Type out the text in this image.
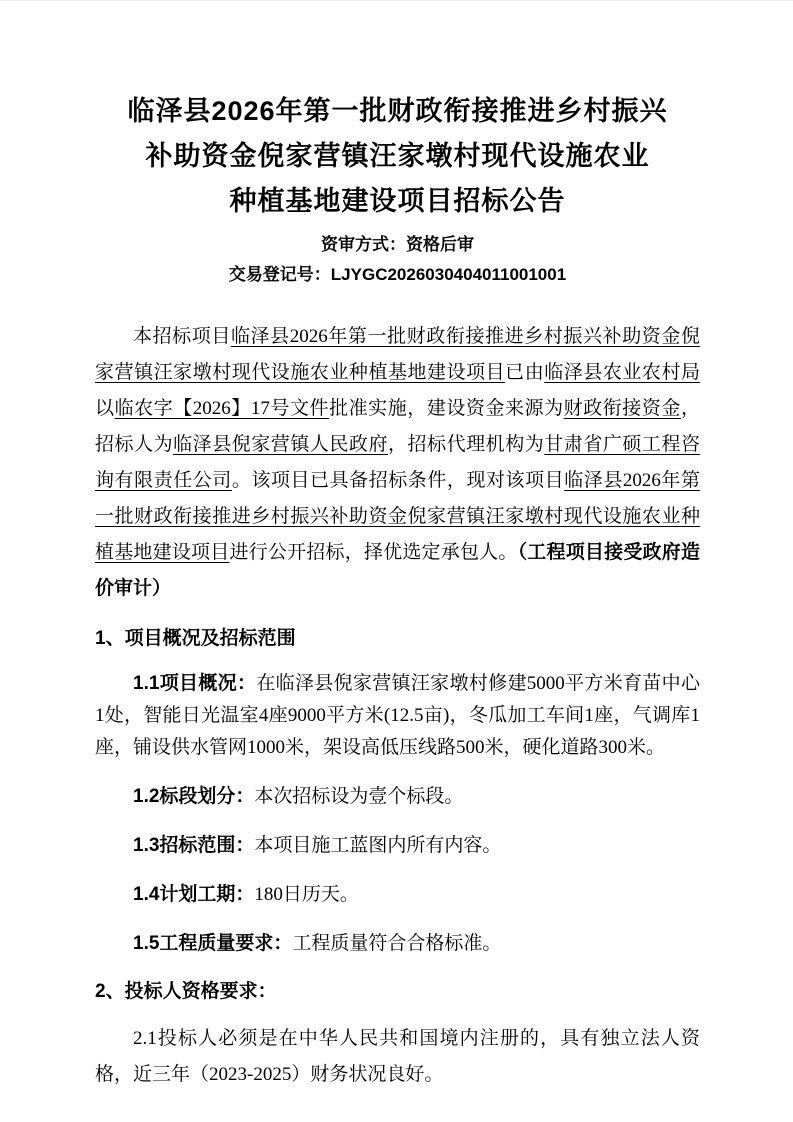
临泽县2026年第一批财政衔接推进乡村振兴
补助资金倪家营镇汪家墩村现代设施农业
种植基地建设项目招标公告
资审方式：资格后审
交易登记号：LJYGC2026030404011001001

本招标项目临泽县2026年第一批财政衔接推进乡村振兴补助资金倪家营镇汪家墩村现代设施农业种植基地建设项目已由临泽县农业农村局以临农字【2026】17号文件批准实施，建设资金来源为财政衔接资金，招标人为临泽县倪家营镇人民政府，招标代理机构为甘肃省广硕工程咨询有限责任公司。该项目已具备招标条件，现对该项目临泽县2026年第一批财政衔接推进乡村振兴补助资金倪家营镇汪家墩村现代设施农业种植基地建设项目进行公开招标，择优选定承包人。（工程项目接受政府造价审计）

1、项目概况及招标范围

1.1项目概况：在临泽县倪家营镇汪家墩村修建5000平方米育苗中心1处，智能日光温室4座9000平方米(12.5亩)，冬瓜加工车间1座，气调库1座，铺设供水管网1000米，架设高低压线路500米，硬化道路300米。

1.2标段划分：本次招标设为壹个标段。

1.3招标范围：本项目施工蓝图内所有内容。

1.4计划工期：180日历天。

1.5工程质量要求：工程质量符合合格标准。

2、投标人资格要求：

2.1投标人必须是在中华人民共和国境内注册的，具有独立法人资格，近三年（2023-2025）财务状况良好。
